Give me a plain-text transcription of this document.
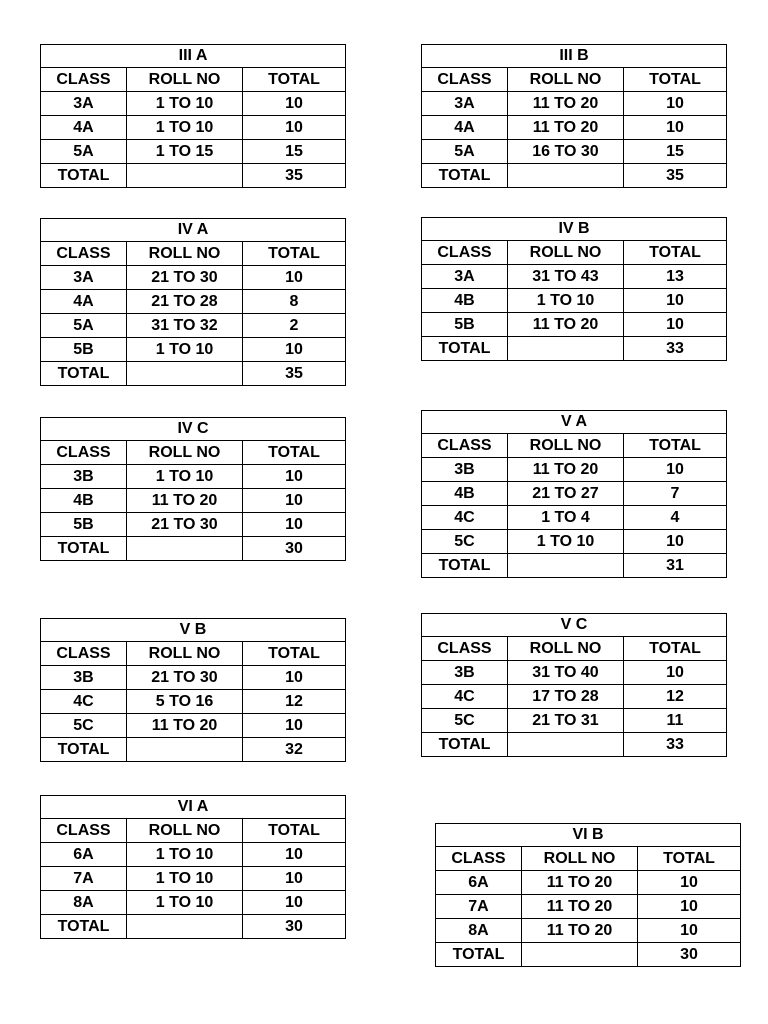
III A		
CLASS	ROLL NO	TOTAL
3A	1 TO 10	10
4A	1 TO 10	10
5A	1 TO 15	15
TOTAL		35
III B		
CLASS	ROLL NO	TOTAL
3A	11 TO 20	10
4A	11 TO 20	10
5A	16 TO 30	15
TOTAL		35
IV A		
CLASS	ROLL NO	TOTAL
3A	21 TO 30	10
4A	21 TO 28	8
5A	31 TO 32	2
5B	1 TO 10	10
TOTAL		35
IV B		
CLASS	ROLL NO	TOTAL
3A	31 TO 43	13
4B	1 TO 10	10
5B	11 TO 20	10
TOTAL		33
IV C		
CLASS	ROLL NO	TOTAL
3B	1 TO 10	10
4B	11 TO 20	10
5B	21 TO 30	10
TOTAL		30
V A		
CLASS	ROLL NO	TOTAL
3B	11 TO 20	10
4B	21 TO 27	7
4C	1 TO 4	4
5C	1 TO 10	10
TOTAL		31
V B		
CLASS	ROLL NO	TOTAL
3B	21 TO 30	10
4C	5 TO 16	12
5C	11 TO 20	10
TOTAL		32
V C		
CLASS	ROLL NO	TOTAL
3B	31 TO 40	10
4C	17 TO 28	12
5C	21 TO 31	11
TOTAL		33
VI A		
CLASS	ROLL NO	TOTAL
6A	1 TO 10	10
7A	1 TO 10	10
8A	1 TO 10	10
TOTAL		30
VI B		
CLASS	ROLL NO	TOTAL
6A	11 TO 20	10
7A	11 TO 20	10
8A	11 TO 20	10
TOTAL		30
